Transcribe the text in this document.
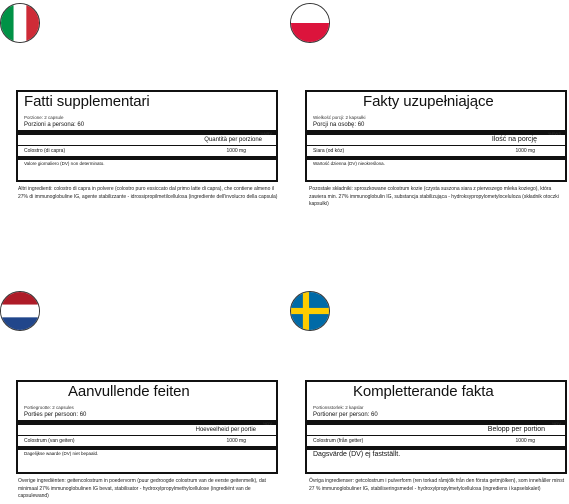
Fatti supplementari
Porzione: 2 capsule
Porzioni a persona: 60
Quantità per porzione
%NRV
Colostro (di capra)	1000 mg
Valore giornaliero (DV) non determinato.
Altri ingredienti: colostro di capra in polvere (colostro puro essiccato dal primo latte di capra), che contiene almeno il 27% di immunoglobuline IG, agente stabilizzante - idrossipropilmetilcellulosa (ingrediente dell'involucro della capsula)
Fakty uzupełniające
Wielkość porcji: 2 kapsułki
Porcji na osobę: 60
Ilość na porcję
%RWS
Siara (od kóz)	1000 mg
Wartość dzienna (DV) nieokreślona.
Pozostałe składniki: sproszkowane colostrum kozie (czysta suszona siara z pierwszego mleka koziego), która zawiera min. 27% immunoglobulin IG, substancja stabilizująca - hydroksypropylometyloceluloza (składnik otoczki kapsułki)
Aanvullende feiten
Portiegrootte: 2 capsules
Porties per persoon: 60
Hoeveelheid per portie
%DV
Colostrum (van geiten)	1000 mg
Dagelijkse waarde (DV) niet bepaald.
Overige ingrediënten: geitencolostrum in poedervorm (puur gedroogde colostrum van de eerste geitenmelk), dat minimaal 27% immunoglobulinen IG bevat, stabilisator - hydroxylpropylmethylcellulose (ingrediënt van de capsulewand)
Kompletterande fakta
Portionsstorlek: 2 kapslar
Portioner per person: 60
Belopp per portion
%DV
Colostrum (från getter)	1000 mg
Dagsvärde (DV) ej fastställt.
Övriga ingredienser: getcolostrum i pulverform (ren torkad råmjölk från den första getmjölken), som innehåller minst 27 % immunoglobuliner IG, stabiliseringsmedel - hydroxylpropylmetylcellulosa (ingrediens i kapselskalet)
